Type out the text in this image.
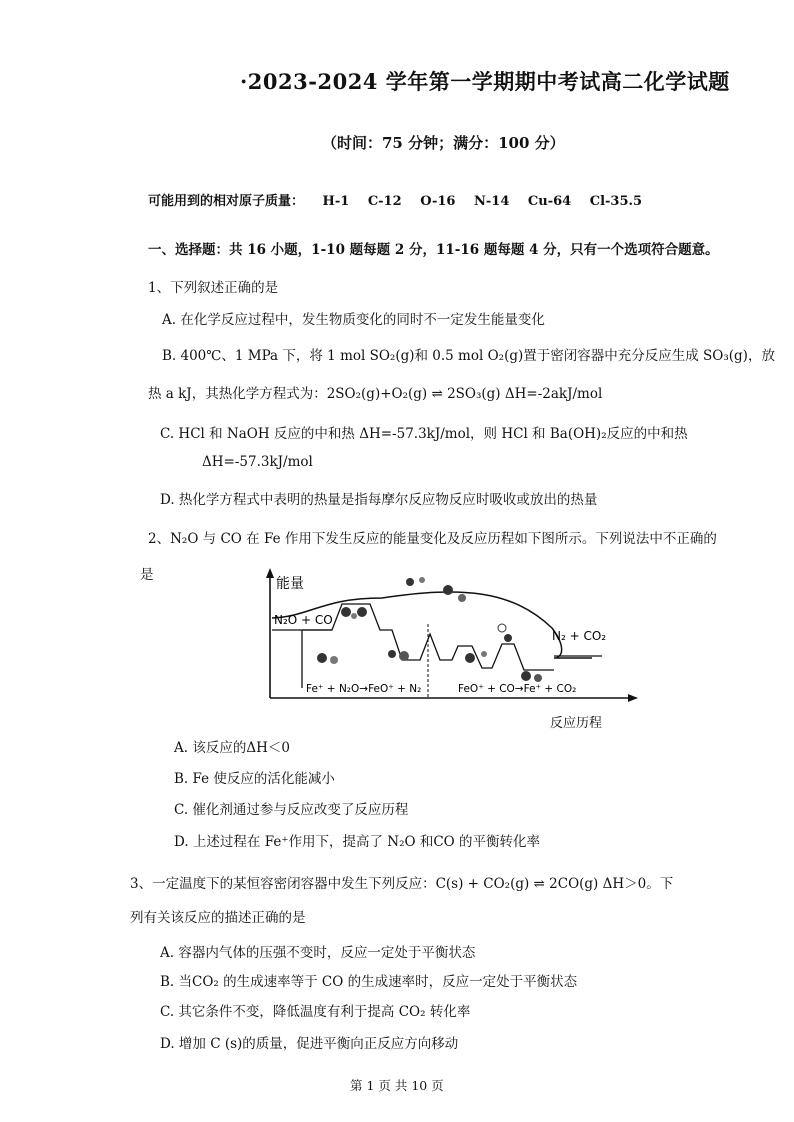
·2023-2024 学年第一学期期中考试高二化学试题
（时间：75 分钟；满分：100 分）
可能用到的相对原子质量： H-1 C-12 O-16 N-14 Cu-64 Cl-35.5
一、选择题：共 16 小题，1-10 题每题 2 分，11-16 题每题 4 分，只有一个选项符合题意。
1、下列叙述正确的是
A. 在化学反应过程中，发生物质变化的同时不一定发生能量变化
B. 400℃、1 MPa 下，将 1 mol SO₂(g)和 0.5 mol O₂(g)置于密闭容器中充分反应生成 SO₃(g)，放
热 a kJ，其热化学方程式为：2SO₂(g)+O₂(g) ⇌ 2SO₃(g) ΔH=-2akJ/mol
C. HCl 和 NaOH 反应的中和热 ΔH=-57.3kJ/mol，则 HCl 和 Ba(OH)₂反应的中和热
ΔH=-57.3kJ/mol
D. 热化学方程式中表明的热量是指每摩尔反应物反应时吸收或放出的热量
2、N₂O 与 CO 在 Fe 作用下发生反应的能量变化及反应历程如下图所示。下列说法中不正确的
是
能量
N₂O + CO
N₂ + CO₂
Fe⁺ + N₂O→FeO⁺ + N₂	FeO⁺ + CO→Fe⁺ + CO₂
反应历程
A. 该反应的ΔH＜0
B. Fe 使反应的活化能减小
C. 催化剂通过参与反应改变了反应历程
D. 上述过程在 Fe⁺作用下，提高了 N₂O 和CO 的平衡转化率
3、一定温度下的某恒容密闭容器中发生下列反应：C(s) + CO₂(g) ⇌ 2CO(g) ΔH＞0。下
列有关该反应的描述正确的是
A. 容器内气体的压强不变时，反应一定处于平衡状态
B. 当CO₂ 的生成速率等于 CO 的生成速率时，反应一定处于平衡状态
C. 其它条件不变，降低温度有利于提高 CO₂ 转化率
D. 增加 C (s)的质量，促进平衡向正反应方向移动
第 1 页 共 10 页
